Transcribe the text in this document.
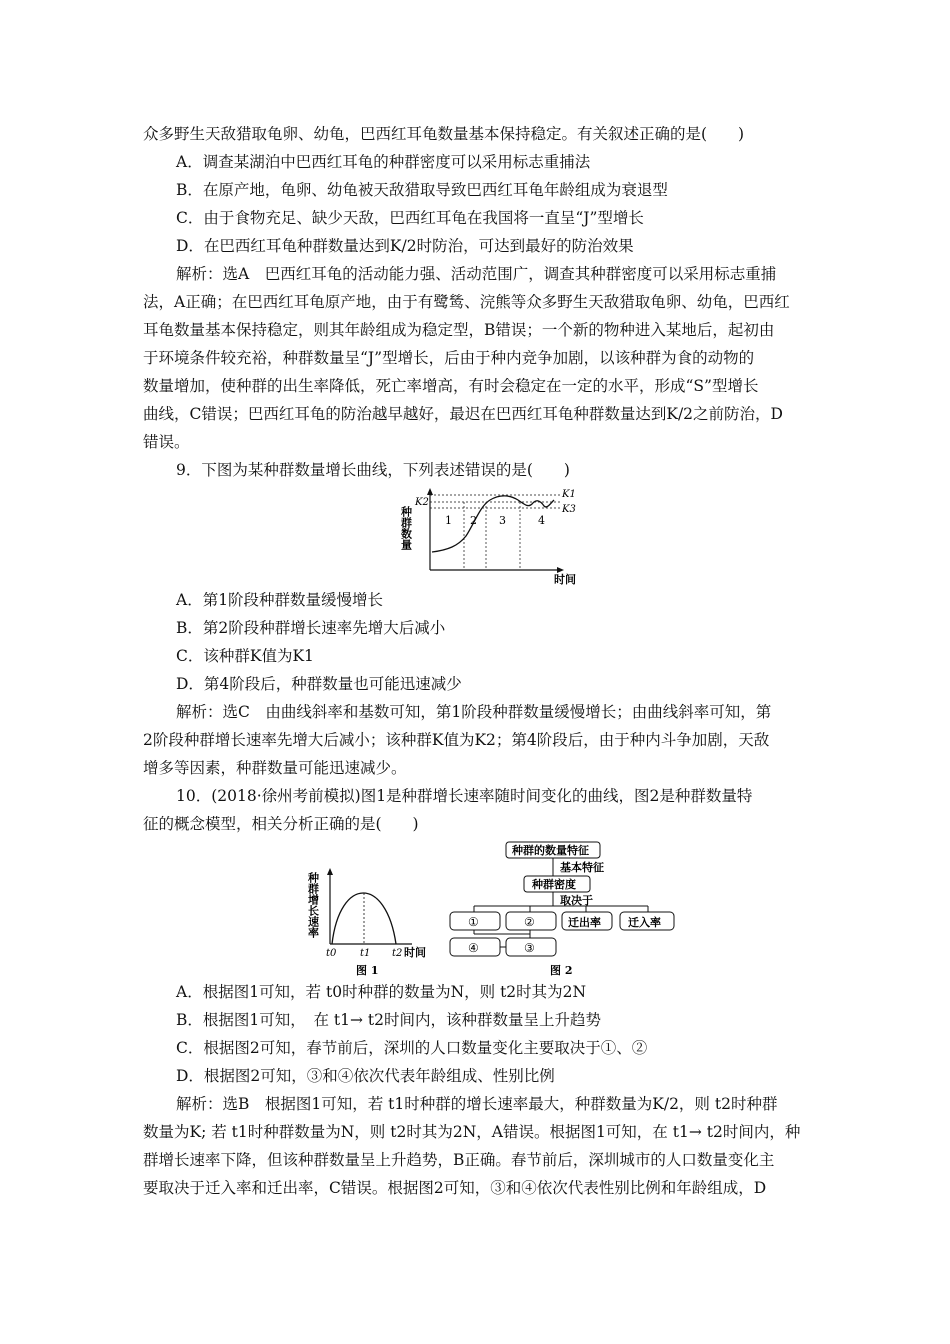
众多野生天敌猎取龟卵、幼龟，巴西红耳龟数量基本保持稳定。有关叙述正确的是(　　)
A．调查某湖泊中巴西红耳龟的种群密度可以采用标志重捕法
B．在原产地，龟卵、幼龟被天敌猎取导致巴西红耳龟年龄组成为衰退型
C．由于食物充足、缺少天敌，巴西红耳龟在我国将一直呈“J”型增长
D．在巴西红耳龟种群数量达到K/2时防治，可达到最好的防治效果
解析：选A　巴西红耳龟的活动能力强、活动范围广，调查其种群密度可以采用标志重捕
法，A正确；在巴西红耳龟原产地，由于有鹭鸶、浣熊等众多野生天敌猎取龟卵、幼龟，巴西红
耳龟数量基本保持稳定，则其年龄组成为稳定型，B错误；一个新的物种进入某地后，起初由
于环境条件较充裕，种群数量呈“J”型增长，后由于种内竞争加剧，以该种群为食的动物的
数量增加，使种群的出生率降低，死亡率增高，有时会稳定在一定的水平，形成“S”型增长
曲线，C错误；巴西红耳龟的防治越早越好，最迟在巴西红耳龟种群数量达到K/2之前防治，D
错误。
9．下图为某种群数量增长曲线，下列表述错误的是(　　)
K2
K1
K3
1 2 3	4
种群数量
时间
A．第1阶段种群数量缓慢增长
B．第2阶段种群增长速率先增大后减小
C．该种群K值为K1
D．第4阶段后，种群数量也可能迅速减少
解析：选C　由曲线斜率和基数可知，第1阶段种群数量缓慢增长；由曲线斜率可知，第
2阶段种群增长速率先增大后减小；该种群K值为K2；第4阶段后，由于种内斗争加剧，天敌
增多等因素，种群数量可能迅速减少。
10．(2018·徐州考前模拟)图1是种群增长速率随时间变化的曲线，图2是种群数量特
征的概念模型，相关分析正确的是(　　)
种群增长速率
t0 t1 t2 时间
图 1
种群的数量特征
基本特征
种群密度
取决于
①	②	迁出率 迁入率
④	③
图 2
A．根据图1可知，若 t0时种群的数量为N，则 t2时其为2N
B．根据图1可知，　在 t1→ t2时间内，该种群数量呈上升趋势
C．根据图2可知，春节前后，深圳的人口数量变化主要取决于①、②
D．根据图2可知，③和④依次代表年龄组成、性别比例
解析：选B　根据图1可知，若 t1时种群的增长速率最大，种群数量为K/2，则 t2时种群
数量为K; 若 t1时种群数量为N，则 t2时其为2N，A错误。根据图1可知，在 t1→ t2时间内，种
群增长速率下降，但该种群数量呈上升趋势，B正确。春节前后，深圳城市的人口数量变化主
要取决于迁入率和迁出率，C错误。根据图2可知，③和④依次代表性别比例和年龄组成，D
